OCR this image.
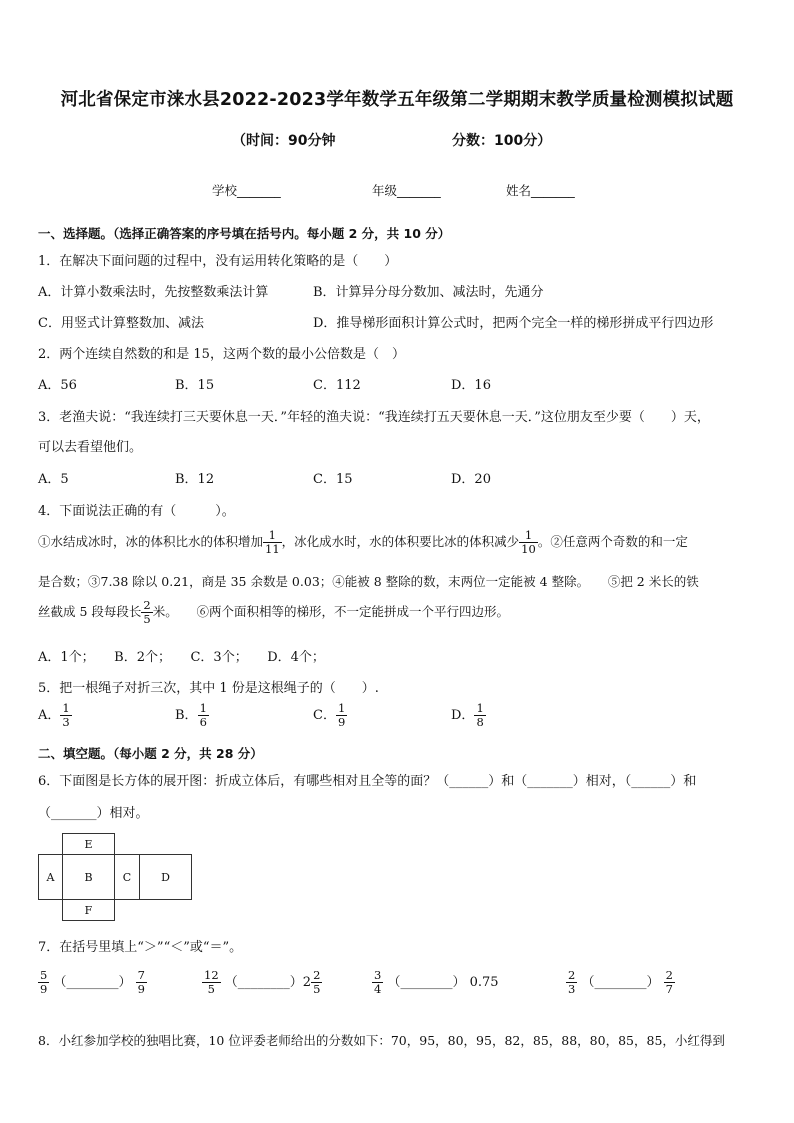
河北省保定市涞水县2022-2023学年数学五年级第二学期期末教学质量检测模拟试题
（时间：90分钟	分数：100分）
学校_______	年级_______	姓名_______
一、选择题。（选择正确答案的序号填在括号内。每小题 2 分，共 10 分）
1．在解决下面问题的过程中，没有运用转化策略的是（　　）
A．计算小数乘法时，先按整数乘法计算	B．计算异分母分数加、减法时，先通分
C．用竖式计算整数加、减法	D．推导梯形面积计算公式时，把两个完全一样的梯形拼成平行四边形
2．两个连续自然数的和是 15，这两个数的最小公倍数是（　）
A．56	B．15	C．112	D．16
3．老渔夫说：“我连续打三天要休息一天．”年轻的渔夫说：“我连续打五天要休息一天．”这位朋友至少要（　　）天，
可以去看望他们。
A．5	B．12	C．15	D．20
4．下面说法正确的有（　　　）。
①水结成冰时，冰的体积比水的体积增加 $\frac{1}{11}$ ，冰化成水时，水的体积要比冰的体积减少 $\frac{1}{10}$ 。②任意两个奇数的和一定
是合数；③7.38 除以 0.21，商是 35 余数是 0.03；④能被 8 整除的数，末两位一定能被 4 整除。　　⑤把 2 米长的铁
丝截成 5 段每段长 $\frac{2}{5}$ 米。　　⑥两个面积相等的梯形，不一定能拼成一个平行四边形。
A．1个；　　B．2个；　　C．3个；　　D．4个；
5．把一根绳子对折三次，其中 1 份是这根绳子的（　　）.
A． $\frac{1}{3}$	B． $\frac{1}{6}$	C． $\frac{1}{9}$	D． $\frac{1}{8}$
二、填空题。（每小题 2 分，共 28 分）
6．下面图是长方体的展开图：折成立体后，有哪些相对且全等的面？（______）和（_______）相对，（______）和
（_______）相对。
E
A	B	C	D
F
7．在括号里填上“＞”“＜”或“＝”。
$\frac{5}{9}$ （________） $\frac{7}{9}$	$\frac{12}{5}$ （________）2 $\frac{2}{5}$	$\frac{3}{4}$ （________） 0.75	$\frac{2}{3}$ （________） $\frac{2}{7}$
8．小红参加学校的独唱比赛，10 位评委老师给出的分数如下：70，95，80，95，82，85，88，80，85，85，小红得到
